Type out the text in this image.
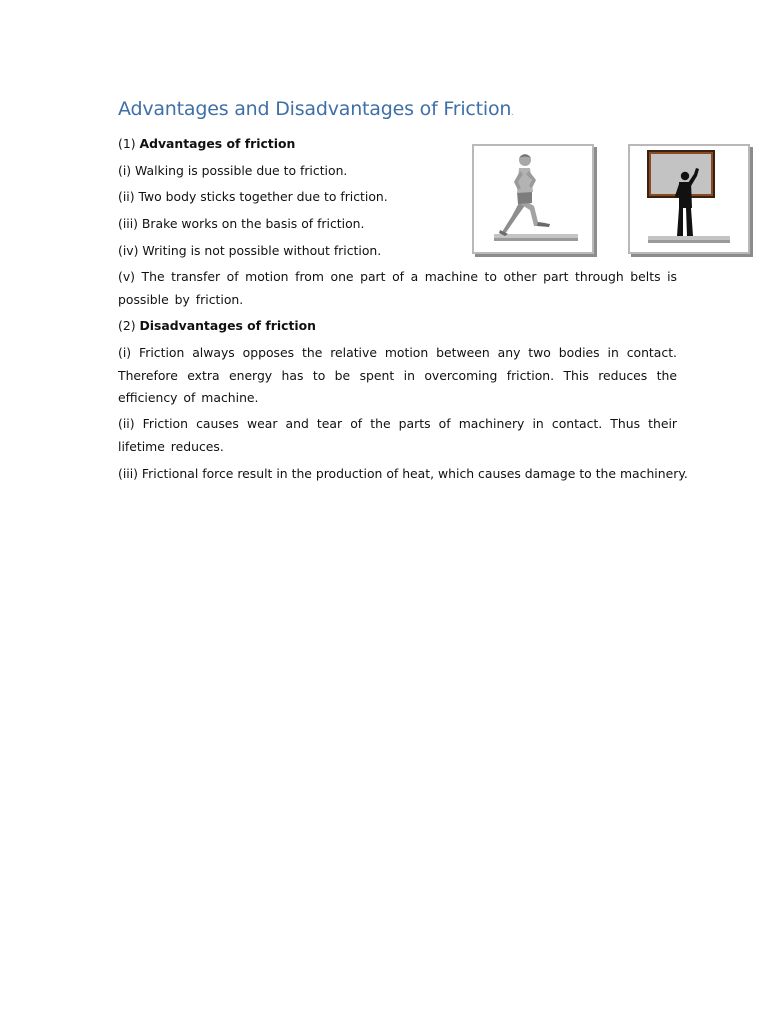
Advantages and Disadvantages of Friction.

(1) Advantages of friction

(i) Walking is possible due to friction.

(ii) Two body sticks together due to friction.

(iii) Brake works on the basis of friction.

(iv) Writing is not possible without friction.

(v) The transfer of motion from one part of a machine to other part through belts is possible by friction.

(2) Disadvantages of friction

(i) Friction always opposes the relative motion between any two bodies in contact. Therefore extra energy has to be spent in overcoming friction. This reduces the efficiency of machine.

(ii) Friction causes wear and tear of the parts of machinery in contact. Thus their lifetime reduces.

(iii) Frictional force result in the production of heat, which causes damage to the machinery.
